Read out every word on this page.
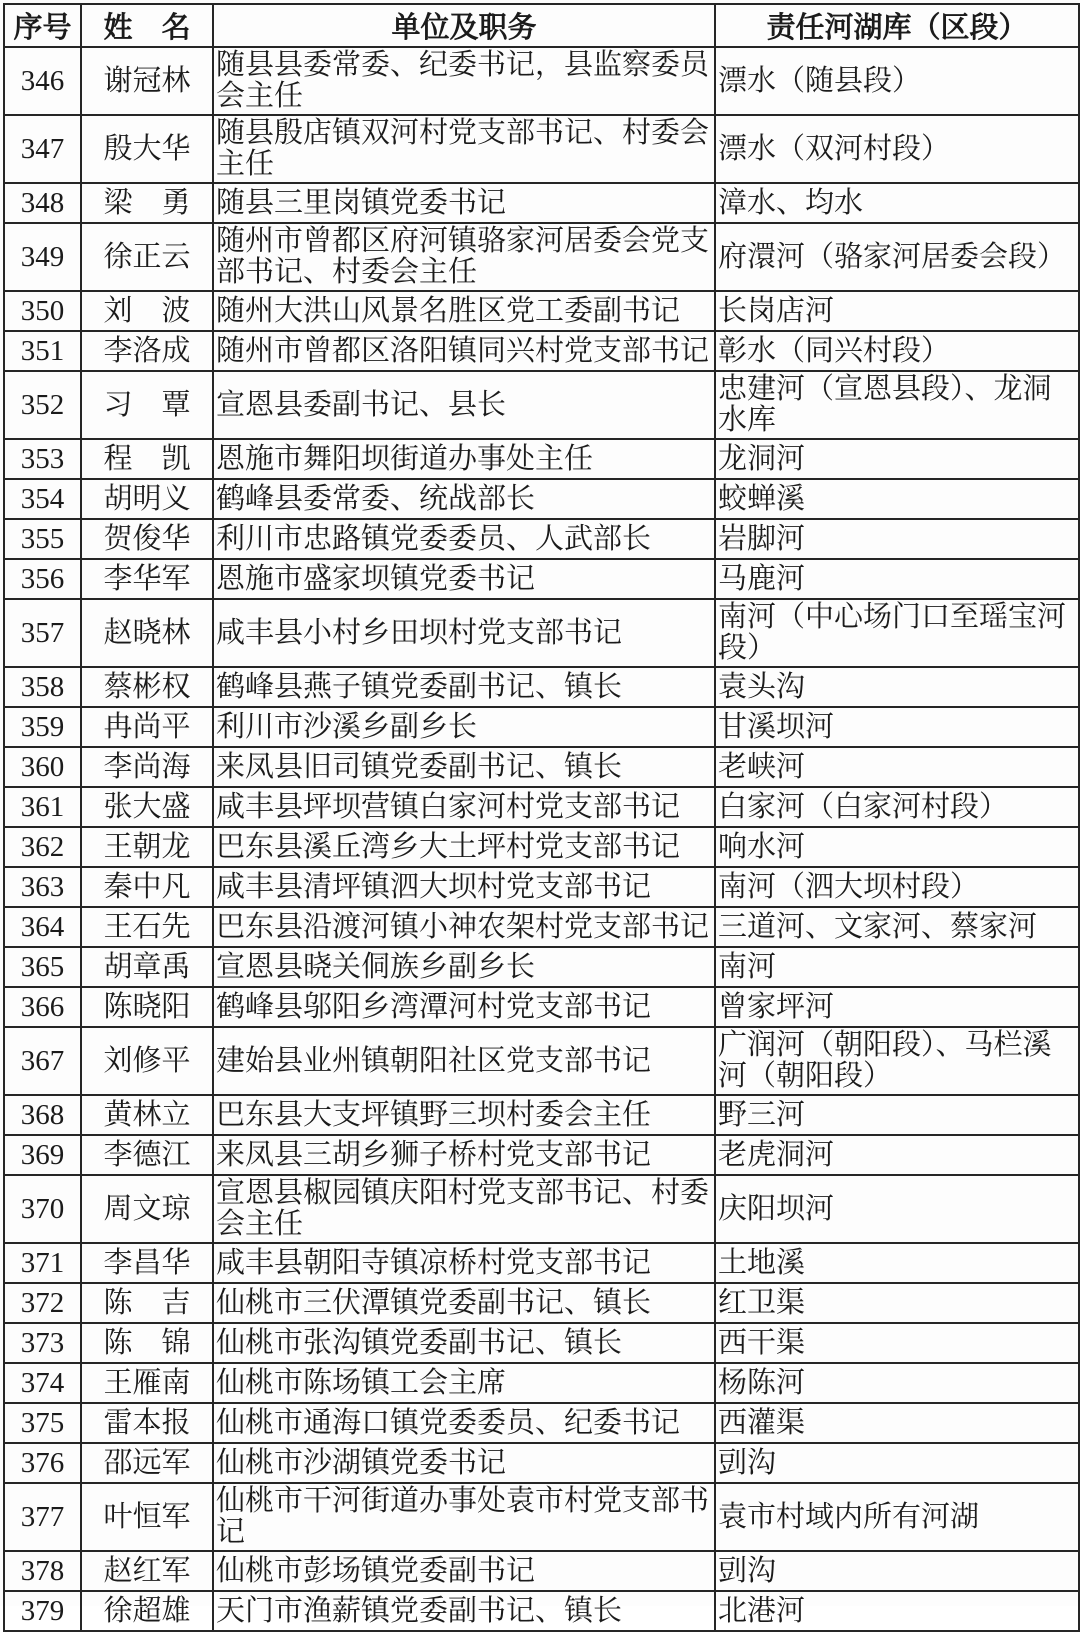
序号	姓　名	单位及职务	责任河湖库（区段）
346	谢冠林	随县县委常委、纪委书记，县监察委员会主任	漂水（随县段）
347	殷大华	随县殷店镇双河村党支部书记、村委会主任	漂水（双河村段）
348	梁　勇	随县三里岗镇党委书记	漳水、均水
349	徐正云	随州市曾都区府河镇骆家河居委会党支部书记、村委会主任	府澴河（骆家河居委会段）
350	刘　波	随州大洪山风景名胜区党工委副书记	长岗店河
351	李洛成	随州市曾都区洛阳镇同兴村党支部书记	彰水（同兴村段）
352	习　覃	宣恩县委副书记、县长	忠建河（宣恩县段）、龙洞水库
353	程　凯	恩施市舞阳坝街道办事处主任	龙洞河
354	胡明义	鹤峰县委常委、统战部长	蛟蝉溪
355	贺俊华	利川市忠路镇党委委员、人武部长	岩脚河
356	李华军	恩施市盛家坝镇党委书记	马鹿河
357	赵晓林	咸丰县小村乡田坝村党支部书记	南河（中心场门口至瑶宝河段）
358	蔡彬权	鹤峰县燕子镇党委副书记、镇长	袁头沟
359	冉尚平	利川市沙溪乡副乡长	甘溪坝河
360	李尚海	来凤县旧司镇党委副书记、镇长	老峡河
361	张大盛	咸丰县坪坝营镇白家河村党支部书记	白家河（白家河村段）
362	王朝龙	巴东县溪丘湾乡大土坪村党支部书记	响水河
363	秦中凡	咸丰县清坪镇泗大坝村党支部书记	南河（泗大坝村段）
364	王石先	巴东县沿渡河镇小神农架村党支部书记	三道河、文家河、蔡家河
365	胡章禹	宣恩县晓关侗族乡副乡长	南河
366	陈晓阳	鹤峰县邬阳乡湾潭河村党支部书记	曾家坪河
367	刘修平	建始县业州镇朝阳社区党支部书记	广润河（朝阳段）、马栏溪河（朝阳段）
368	黄林立	巴东县大支坪镇野三坝村委会主任	野三河
369	李德江	来凤县三胡乡狮子桥村党支部书记	老虎洞河
370	周文琼	宣恩县椒园镇庆阳村党支部书记、村委会主任	庆阳坝河
371	李昌华	咸丰县朝阳寺镇凉桥村党支部书记	土地溪
372	陈　吉	仙桃市三伏潭镇党委副书记、镇长	红卫渠
373	陈　锦	仙桃市张沟镇党委副书记、镇长	西干渠
374	王雁南	仙桃市陈场镇工会主席	杨陈河
375	雷本报	仙桃市通海口镇党委委员、纪委书记	西灌渠
376	邵远军	仙桃市沙湖镇党委书记	剅沟
377	叶恒军	仙桃市干河街道办事处袁市村党支部书记	袁市村域内所有河湖
378	赵红军	仙桃市彭场镇党委副书记	剅沟
379	徐超雄	天门市渔薪镇党委副书记、镇长	北港河
